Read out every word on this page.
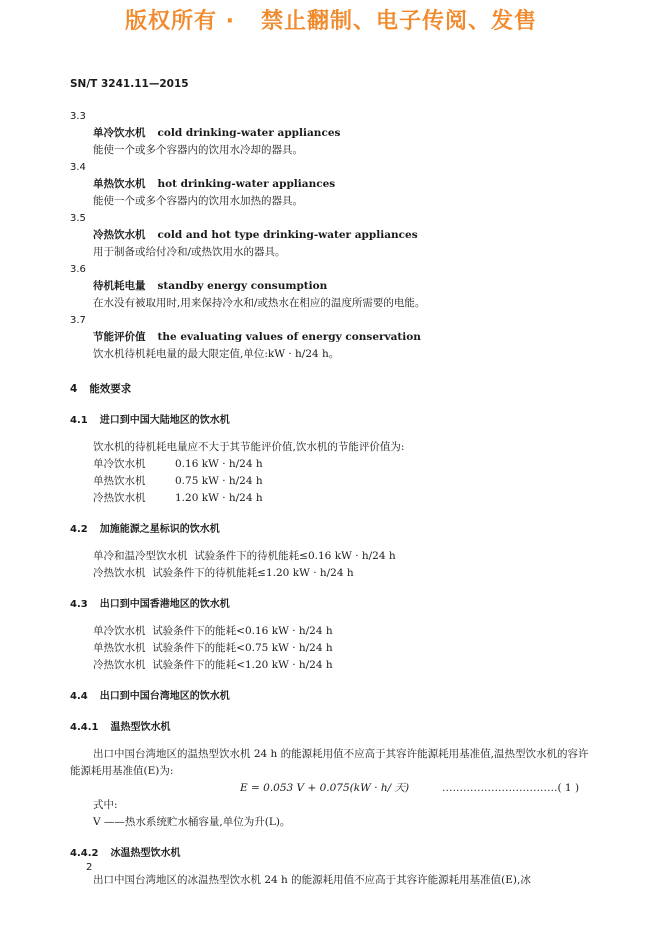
版权所有 ·   禁止翻制、电子传阅、发售
SN/T 3241.11—2015
3.3
单冷饮水机 cold drinking-water appliances
能使一个或多个容器内的饮用水冷却的器具。
3.4
单热饮水机 hot drinking-water appliances
能使一个或多个容器内的饮用水加热的器具。
3.5
冷热饮水机 cold and hot type drinking-water appliances
用于制备或给付冷和/或热饮用水的器具。
3.6
待机耗电量 standby energy consumption
在水没有被取用时,用来保持冷水和/或热水在相应的温度所需要的电能。
3.7
节能评价值 the evaluating values of energy conservation
饮水机待机耗电量的最大限定值,单位:kW · h/24 h。
4 能效要求
4.1 进口到中国大陆地区的饮水机
饮水机的待机耗电量应不大于其节能评价值,饮水机的节能评价值为:
单冷饮水机	0.16 kW · h/24 h
单热饮水机	0.75 kW · h/24 h
冷热饮水机	1.20 kW · h/24 h
4.2 加施能源之星标识的饮水机
单冷和温冷型饮水机 试验条件下的待机能耗≤0.16 kW · h/24 h
冷热饮水机 试验条件下的待机能耗≤1.20 kW · h/24 h
4.3 出口到中国香港地区的饮水机
单冷饮水机 试验条件下的能耗<0.16 kW · h/24 h
单热饮水机 试验条件下的能耗<0.75 kW · h/24 h
冷热饮水机 试验条件下的能耗<1.20 kW · h/24 h
4.4 出口到中国台湾地区的饮水机
4.4.1 温热型饮水机
出口中国台湾地区的温热型饮水机 24 h 的能源耗用值不应高于其容许能源耗用基准值,温热型饮水机的容许能源耗用基准值(E)为:
E = 0.053 V + 0.075(kW · h/ 天)	……………………………( 1 )
式中:
V ——热水系统贮水桶容量,单位为升(L)。
4.4.2 冰温热型饮水机
出口中国台湾地区的冰温热型饮水机 24 h 的能源耗用值不应高于其容许能源耗用基准值(E),冰
2
